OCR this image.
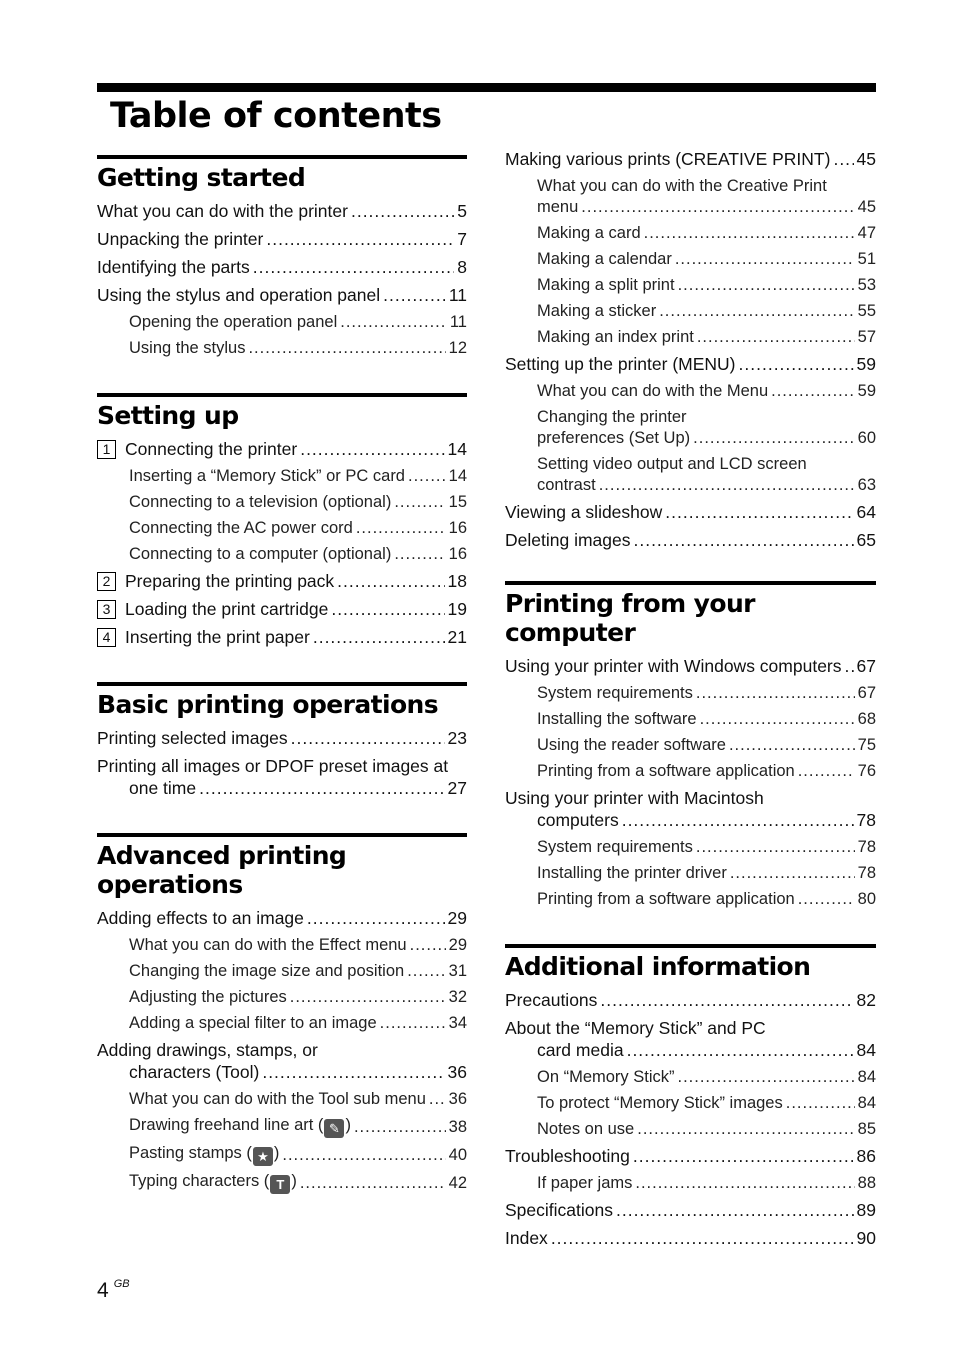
Table of contents
Getting started
What you can do with the printer .....	5
Unpacking the printer .....	7
Identifying the parts .....	8
Using the stylus and operation panel .....	11
Opening the operation panel .....	11
Using the stylus .....	12
Setting up
1 Connecting the printer .....	14
Inserting a “Memory Stick” or PC card .....	14
Connecting to a television (optional) .....	15
Connecting the AC power cord .....	16
Connecting to a computer (optional) .....	16
2 Preparing the printing pack .....	18
3 Loading the print cartridge .....	19
4 Inserting the print paper .....	21
Basic printing operations
Printing selected images .....	23
Printing all images or DPOF preset images at
one time .....	27
Advanced printing operations
Adding effects to an image .....	29
What you can do with the Effect menu .....	29
Changing the image size and position .....	31
Adjusting the pictures .....	32
Adding a special filter to an image .....	34
Adding drawings, stamps, or
characters (Tool) .....	36
What you can do with the Tool sub menu ..... 36
Drawing freehand line art ( ✎ ) .....	38
Pasting stamps ( ★ ) .....	40
Typing characters ( T ) .....	42
Making various prints (CREATIVE PRINT) ..... 45
What you can do with the Creative Print
menu .....	45
Making a card .....	47
Making a calendar .....	51
Making a split print .....	53
Making a sticker .....	55
Making an index print .....	57
Setting up the printer (MENU) .....	59
What you can do with the Menu .....	59
Changing the printer
preferences (Set Up) .....	60
Setting video output and LCD screen
contrast .....	63
Viewing a slideshow .....	64
Deleting images .....	65
Printing from your computer
Using your printer with Windows computers ..... 67
System requirements .....	67
Installing the software .....	68
Using the reader software .....	75
Printing from a software application .....	76
Using your printer with Macintosh
computers .....	78
System requirements .....	78
Installing the printer driver .....	78
Printing from a software application .....	80
Additional information
Precautions .....	82
About the “Memory Stick” and PC
card media .....	84
On “Memory Stick” .....	84
To protect “Memory Stick” images .....	84
Notes on use .....	85
Troubleshooting .....	86
If paper jams .....	88
Specifications .....	89
Index .....	90
4 $^{GB}$
